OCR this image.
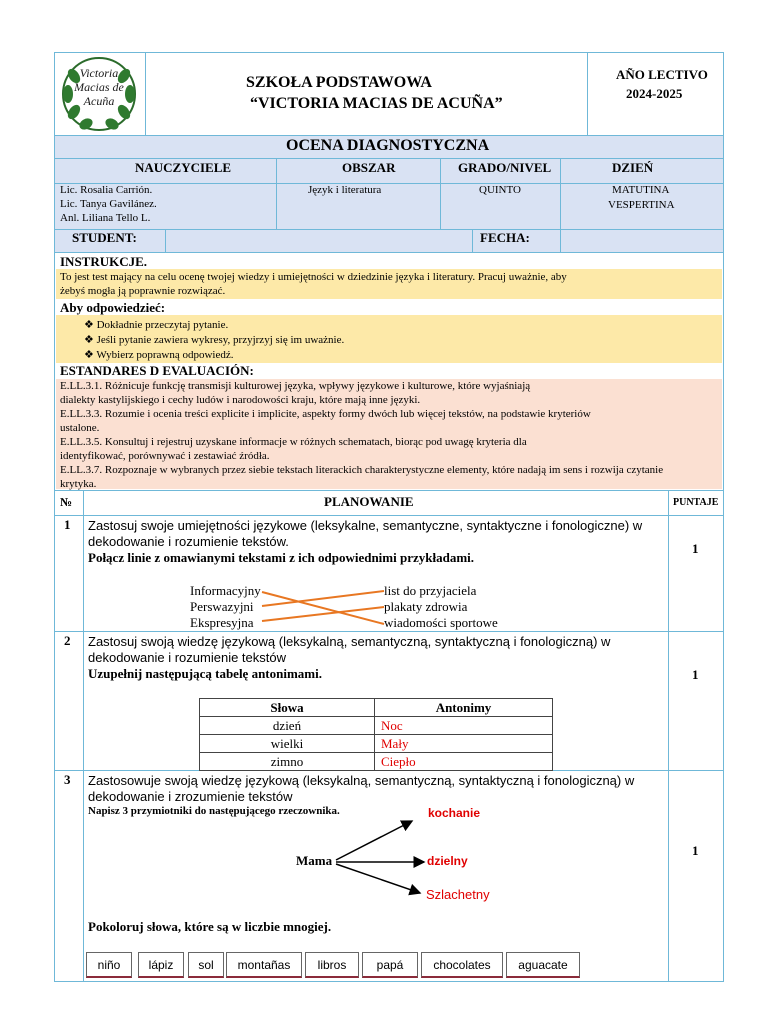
Victoria Macias de Acuña
SZKOŁA PODSTAWOWA
“VICTORIA MACIAS DE ACUÑA”
AÑO LECTIVO
2024-2025
OCENA DIAGNOSTYCZNA
NAUCZYCIELE	OBSZAR	GRADO/NIVEL	DZIEŃ
Lic. Rosalia Carrión.
Lic. Tanya Gavilánez.
Anl. Liliana Tello L.
Język i literatura	QUINTO	MATUTINA
VESPERTINA
STUDENT:	FECHA:
INSTRUKCJE.
To jest test mający na celu ocenę twojej wiedzy i umiejętności w dziedzinie języka i literatury. Pracuj uważnie, aby
żebyś mogła ją poprawnie rozwiązać.
Aby odpowiedzieć:
❖ Dokładnie przeczytaj pytanie.
❖ Jeśli pytanie zawiera wykresy, przyjrzyj się im uważnie.
❖ Wybierz poprawną odpowiedź.
ESTANDARES D EVALUACIÓN:
E.LL.3.1. Różnicuje funkcję transmisji kulturowej języka, wpływy językowe i kulturowe, które wyjaśniają
dialekty kastylijskiego i cechy ludów i narodowości kraju, które mają inne języki.
E.LL.3.3. Rozumie i ocenia treści explicite i implicite, aspekty formy dwóch lub więcej tekstów, na podstawie kryteriów
ustalone.
E.LL.3.5. Konsultuj i rejestruj uzyskane informacje w różnych schematach, biorąc pod uwagę kryteria dla
identyfikować, porównywać i zestawiać źródła.
E.LL.3.7. Rozpoznaje w wybranych przez siebie tekstach literackich charakterystyczne elementy, które nadają im sens i rozwija czytanie
krytyka.
№	PLANOWANIE	PUNTAJE
1 Zastosuj swoje umiejętności językowe (leksykalne, semantyczne, syntaktyczne i fonologiczne) w
dekodowanie i rozumienie tekstów.
Połącz linie z omawianymi tekstami z ich odpowiednimi przykładami.
Informacyjny
Perswazyjni
Ekspresyjna
list do przyjaciela
plakaty zdrowia
wiadomości sportowe
1
2 Zastosuj swoją wiedzę językową (leksykalną, semantyczną, syntaktyczną i fonologiczną) w
dekodowanie i rozumienie tekstów
Uzupełnij następującą tabelę antonimami.
Słowa	Antonimy
dzień	Noc
wielki	Mały
zimno	Ciepło
1
3 Zastosowuje swoją wiedzę językową (leksykalną, semantyczną, syntaktyczną i fonologiczną) w
dekodowanie i zrozumienie tekstów
Napisz 3 przymiotniki do następującego rzeczownika.
Mama
kochanie
dzielny
Szlachetny
Pokoloruj słowa, które są w liczbie mnogiej.
niño	lápiz	sol	montañas	libros	papá	chocolates	aguacate
1
